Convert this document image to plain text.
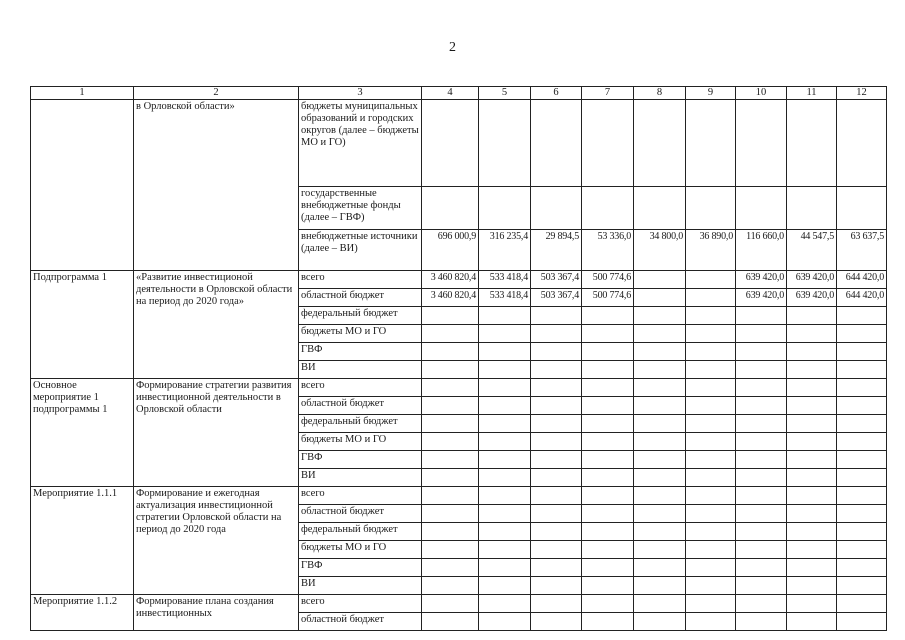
2
1	2	3	4	5	6	7	8	9	10	11	12
	в Орловской области»	бюджеты муниципальных образований и городских округов (далее – бюджеты МО и ГО)									
		государственные внебюджетные фонды (далее – ГВФ)									
		внебюджетные источники (далее – ВИ)	696 000,9	316 235,4	29 894,5	53 336,0	34 800,0	36 890,0	116 660,0	44 547,5	63 637,5
Подпрограмма 1	«Развитие инвестиционой деятельности в Орловской области на период до 2020 года»	всего	3 460 820,4	533 418,4	503 367,4	500 774,6			639 420,0	639 420,0	644 420,0
		областной бюджет	3 460 820,4	533 418,4	503 367,4	500 774,6			639 420,0	639 420,0	644 420,0
		федеральный бюджет									
		бюджеты МО и ГО									
		ГВФ									
		ВИ									
Основное мероприятие 1 подпрограммы 1	Формирование стратегии развития инвестиционной деятельности в Орловской области	всего									
		областной бюджет									
		федеральный бюджет									
		бюджеты МО и ГО									
		ГВФ									
		ВИ									
Мероприятие 1.1.1	Формирование и ежегодная актуализация инвестиционной стратегии Орловской области на период до 2020 года	всего									
		областной бюджет									
		федеральный бюджет									
		бюджеты МО и ГО									
		ГВФ									
		ВИ									
Мероприятие 1.1.2	Формирование плана создания инвестиционных	всего									
		областной бюджет									
